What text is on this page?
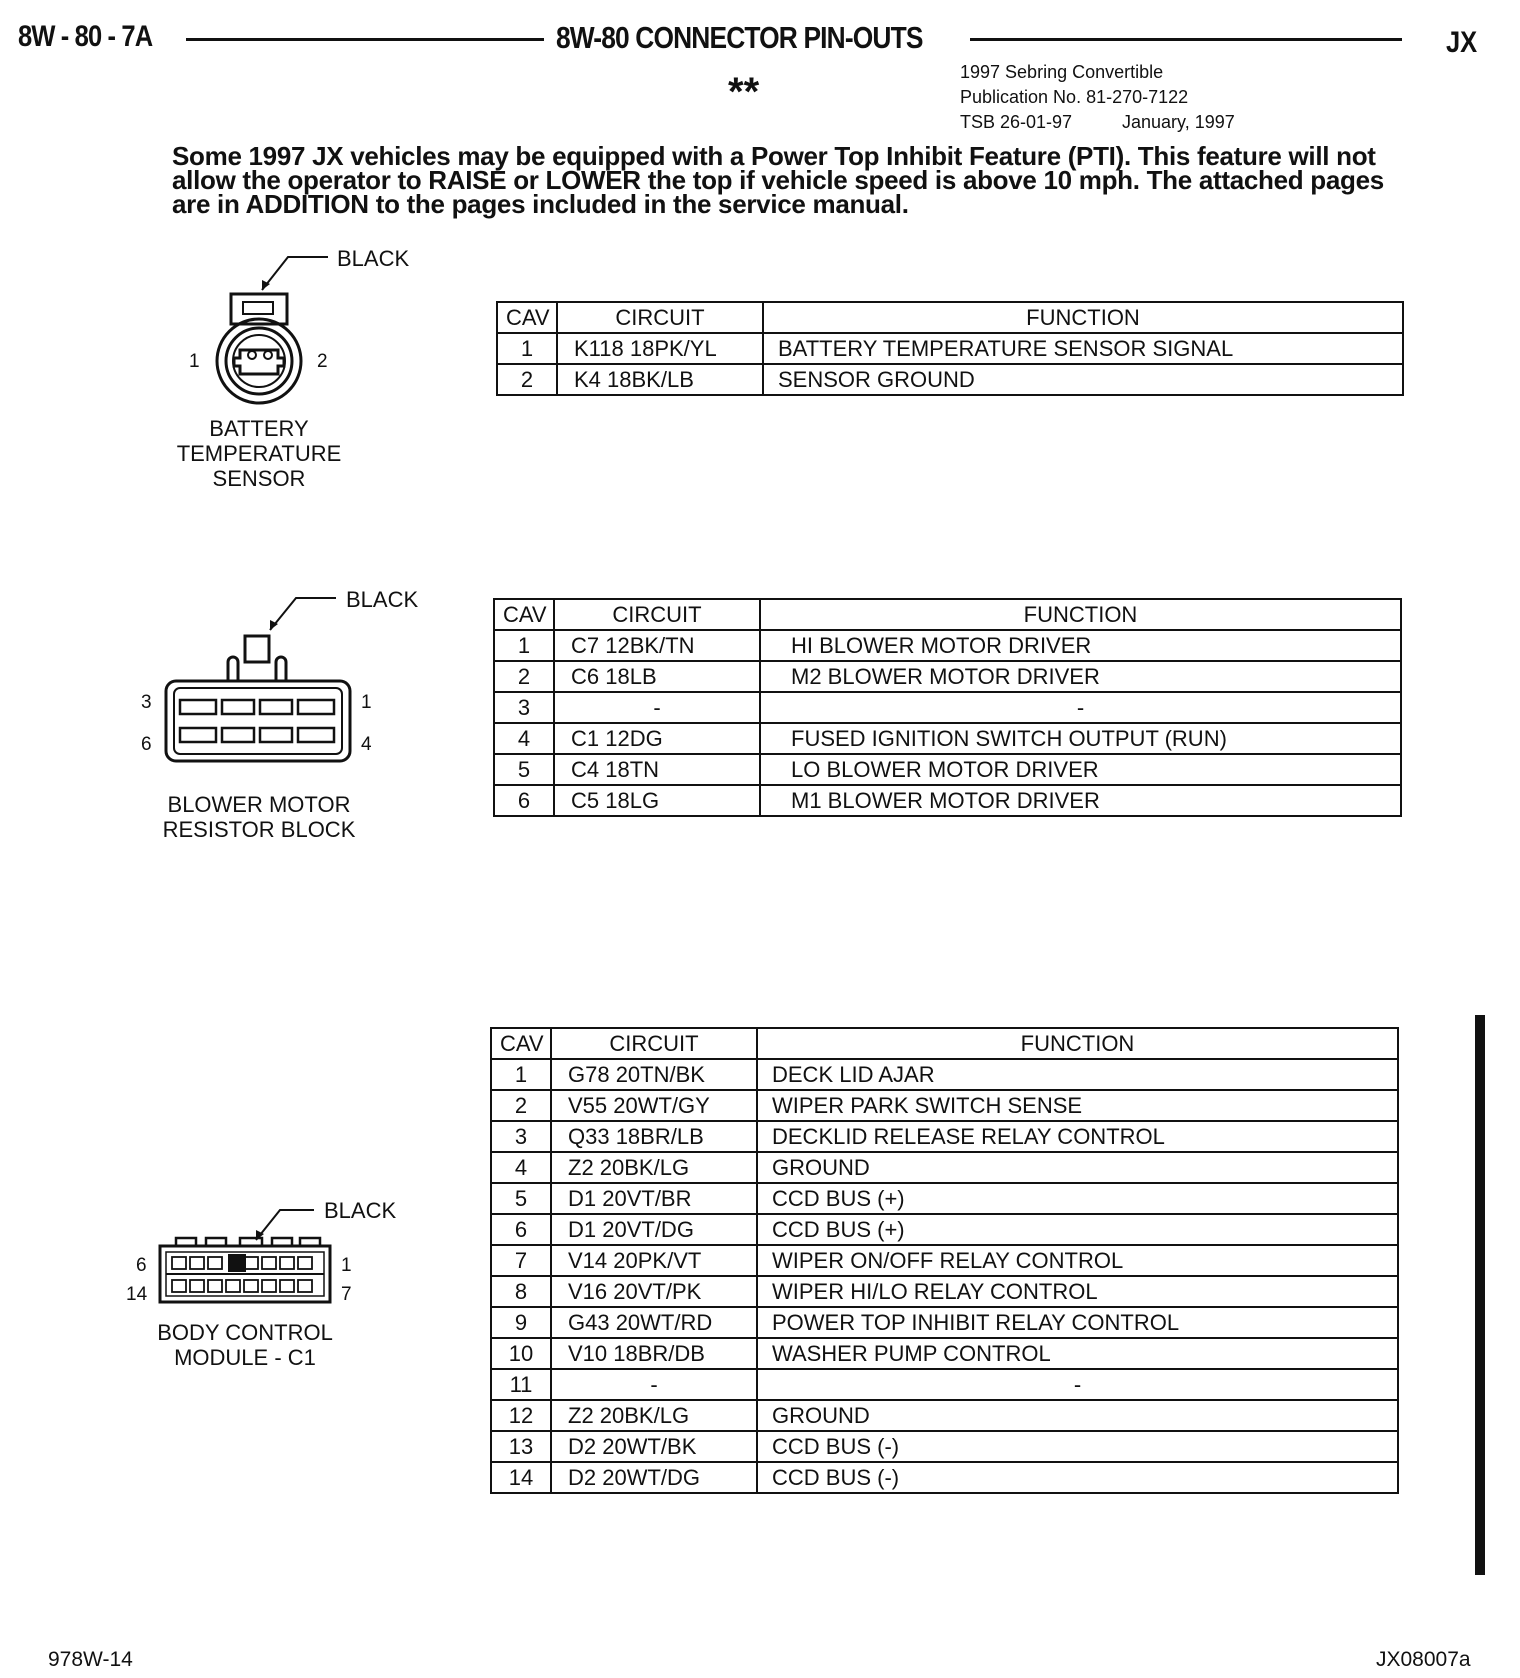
8W - 80 - 7A	8W-80 CONNECTOR PIN-OUTS	JX
**	1997 Sebring Convertible
Publication No. 81-270-7122
TSB 26-01-97	January, 1997
Some 1997 JX vehicles may be equipped with a Power Top Inhibit Feature (PTI). This feature will not allow the operator to RAISE or LOWER the top if vehicle speed is above 10 mph. The attached pages are in ADDITION to the pages included in the service manual.
BLACK
1	2
BATTERY
TEMPERATURE
SENSOR
CAV	CIRCUIT	FUNCTION
1	K118 18PK/YL	BATTERY TEMPERATURE SENSOR SIGNAL
2	K4 18BK/LB	SENSOR GROUND
BLACK
3	1
6	4
BLOWER MOTOR
RESISTOR BLOCK
CAV	CIRCUIT	FUNCTION
1	C7 12BK/TN	HI BLOWER MOTOR DRIVER
2	C6 18LB	M2 BLOWER MOTOR DRIVER
3	-	-
4	C1 12DG	FUSED IGNITION SWITCH OUTPUT (RUN)
5	C4 18TN	LO BLOWER MOTOR DRIVER
6	C5 18LG	M1 BLOWER MOTOR DRIVER
BLACK
6	1
14	7
BODY CONTROL
MODULE - C1
CAV	CIRCUIT	FUNCTION
1	G78 20TN/BK	DECK LID AJAR
2	V55 20WT/GY	WIPER PARK SWITCH SENSE
3	Q33 18BR/LB	DECKLID RELEASE RELAY CONTROL
4	Z2 20BK/LG	GROUND
5	D1 20VT/BR	CCD BUS (+)
6	D1 20VT/DG	CCD BUS (+)
7	V14 20PK/VT	WIPER ON/OFF RELAY CONTROL
8	V16 20VT/PK	WIPER HI/LO RELAY CONTROL
9	G43 20WT/RD	POWER TOP INHIBIT RELAY CONTROL
10	V10 18BR/DB	WASHER PUMP CONTROL
11	-	-
12	Z2 20BK/LG	GROUND
13	D2 20WT/BK	CCD BUS (-)
14	D2 20WT/DG	CCD BUS (-)
978W-14	JX08007a
